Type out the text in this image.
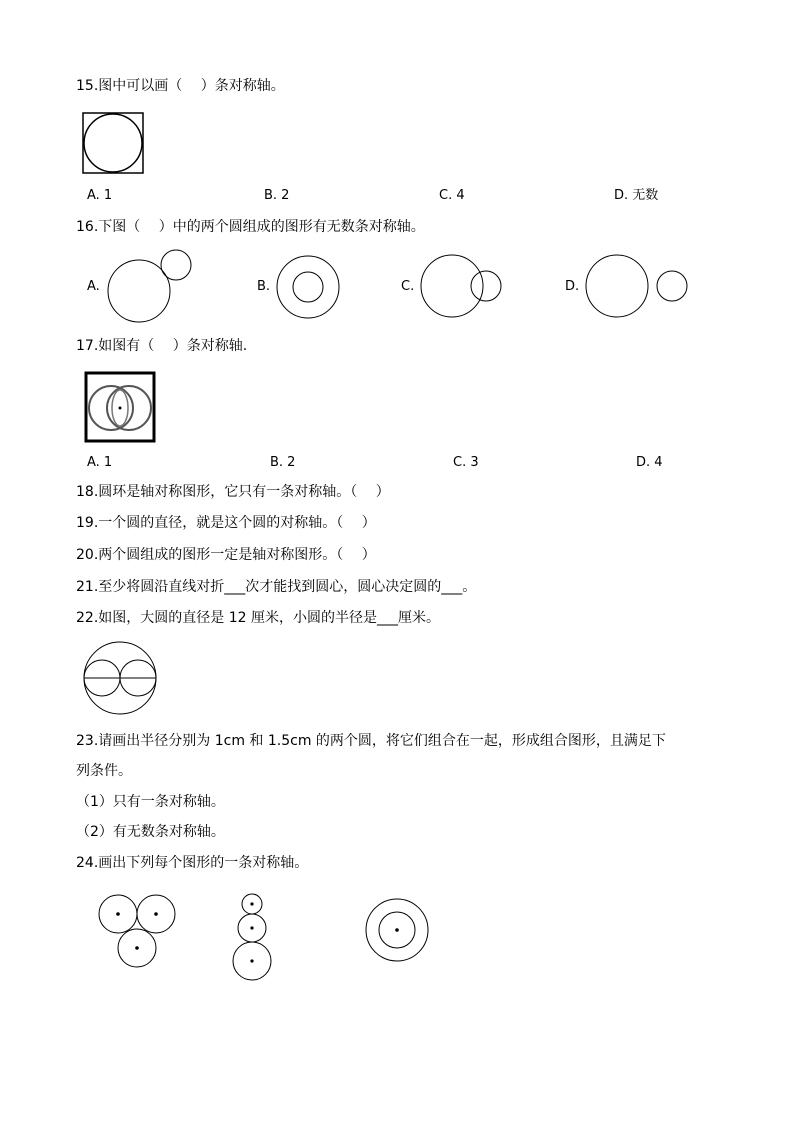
15.图中可以画（　 ）条对称轴。
A. 1	B. 2	C. 4	D. 无数
16.下图（　 ）中的两个圆组成的图形有无数条对称轴。
A.	B.	C.	D.
17.如图有（　 ）条对称轴.
A. 1	B. 2	C. 3	D. 4
18.圆环是轴对称图形，它只有一条对称轴。（　 ）
19.一个圆的直径，就是这个圆的对称轴。（　 ）
20.两个圆组成的图形一定是轴对称图形。（　 ）
21.至少将圆沿直线对折___次才能找到圆心，圆心决定圆的___。
22.如图，大圆的直径是 12 厘米，小圆的半径是___厘米。
23.请画出半径分别为 1cm 和 1.5cm 的两个圆，将它们组合在一起，形成组合图形，且满足下
列条件。
（1）只有一条对称轴。
（2）有无数条对称轴。
24.画出下列每个图形的一条对称轴。
